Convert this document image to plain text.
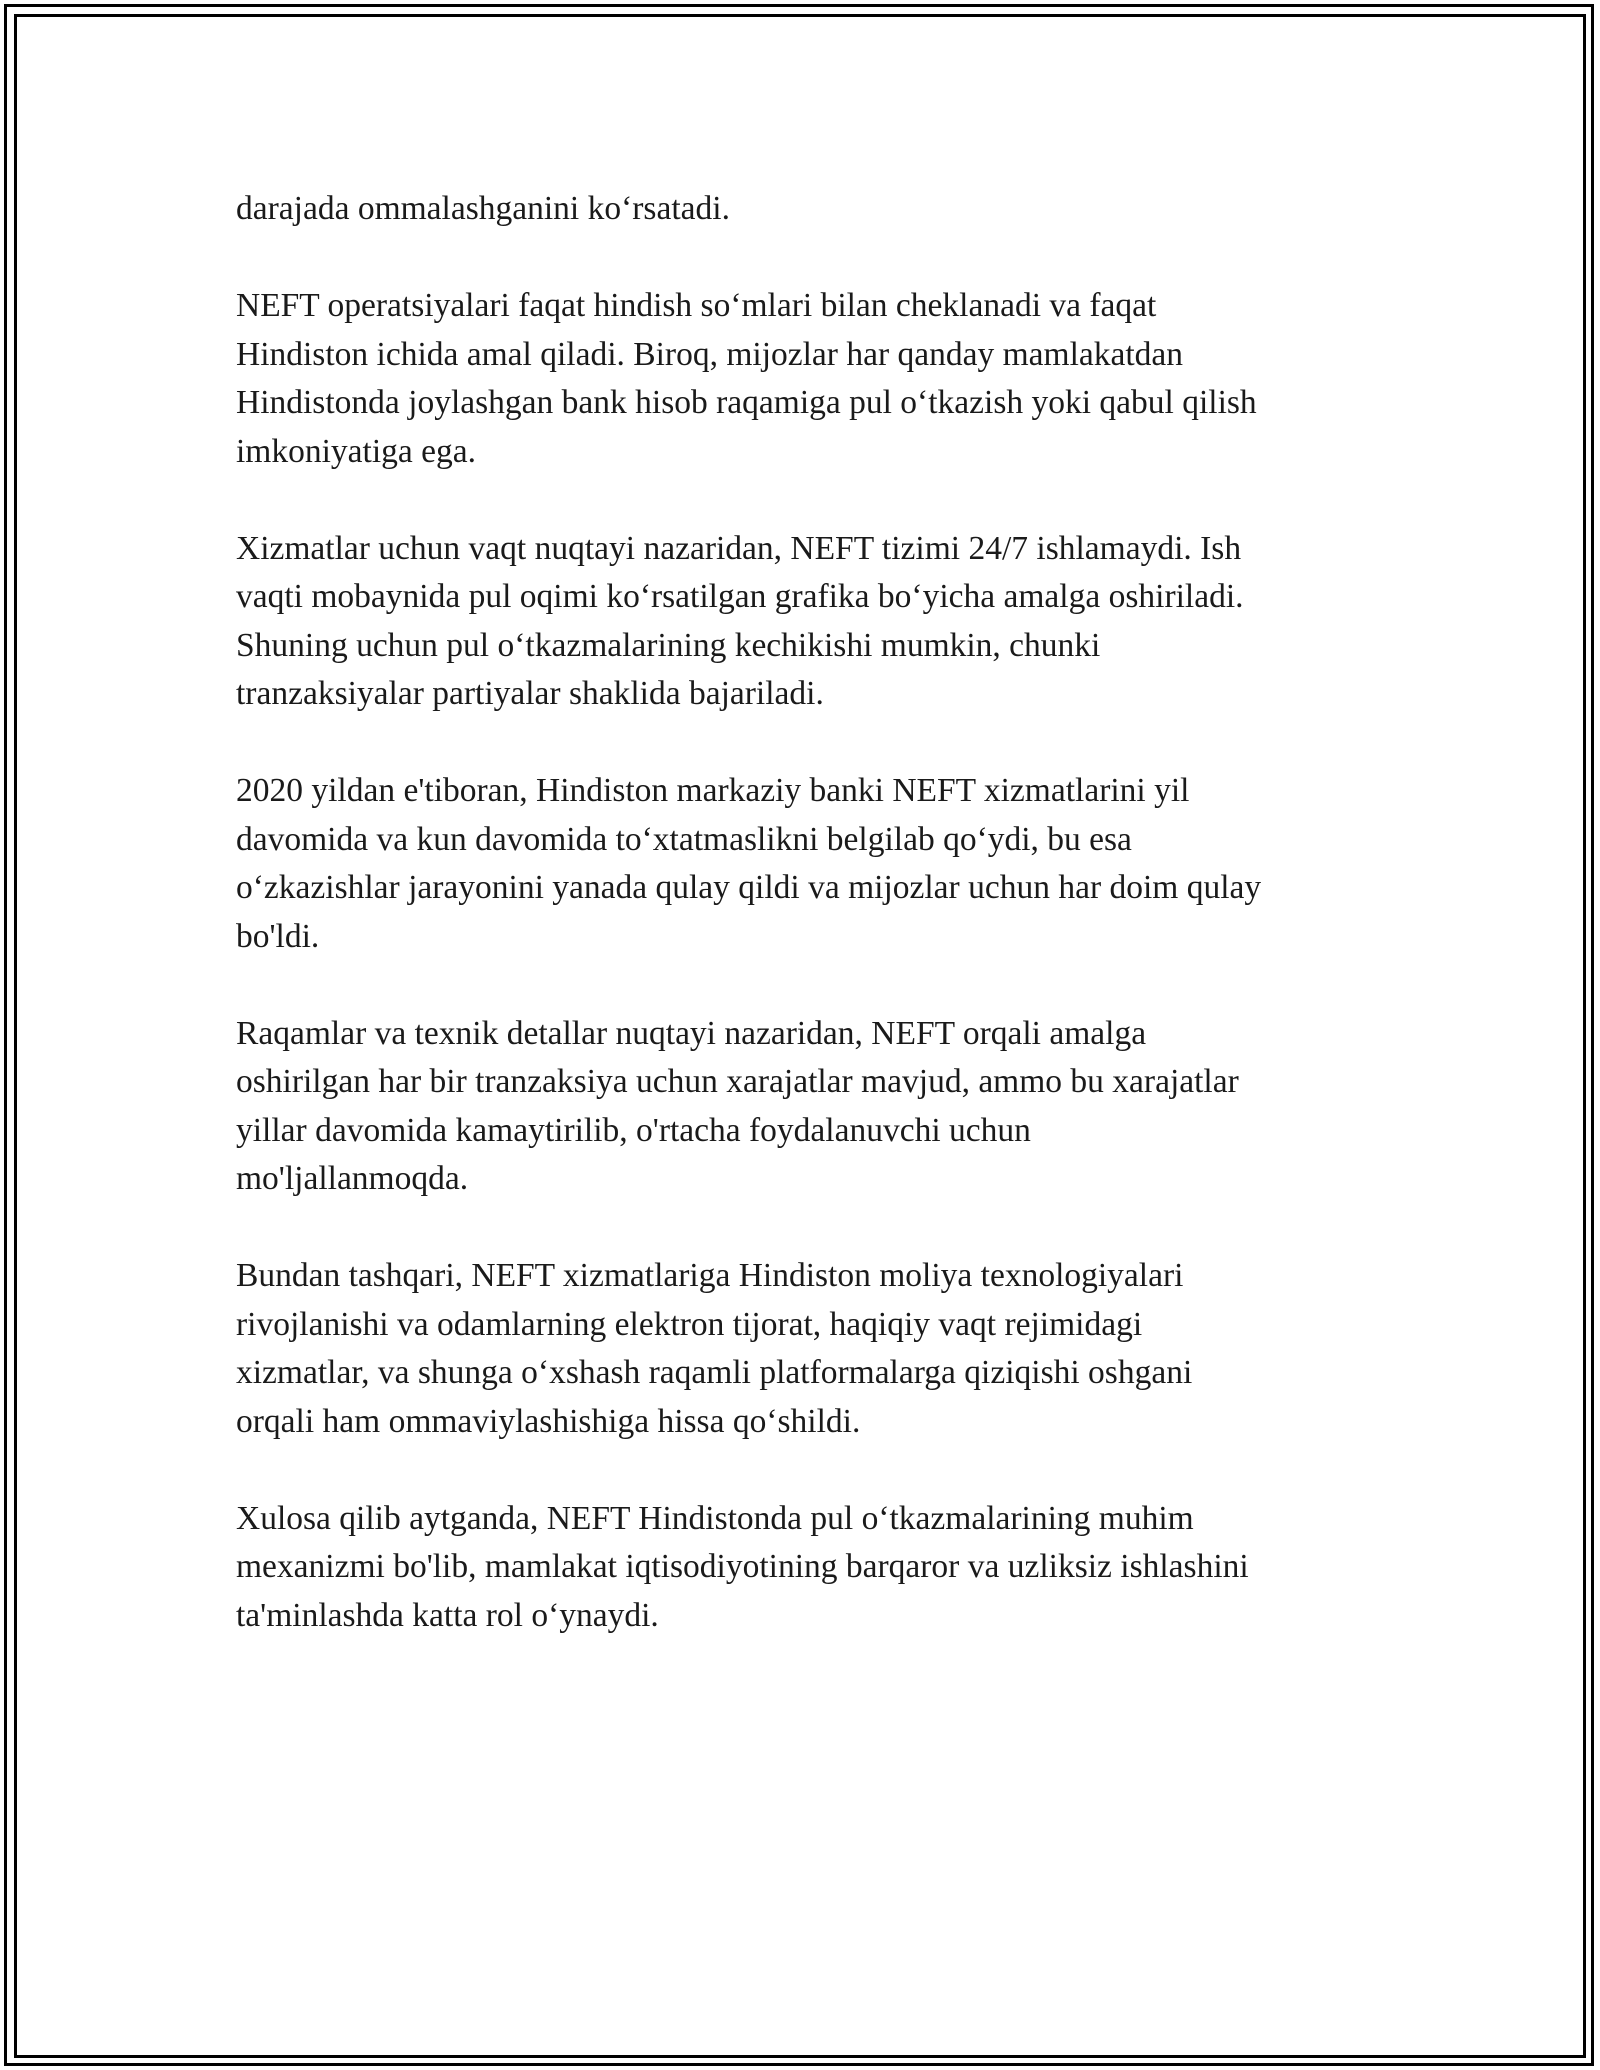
darajada ommalashganini ko‘rsatadi.

NEFT operatsiyalari faqat hindish so‘mlari bilan cheklanadi va faqat
Hindiston ichida amal qiladi. Biroq, mijozlar har qanday mamlakatdan
Hindistonda joylashgan bank hisob raqamiga pul o‘tkazish yoki qabul qilish
imkoniyatiga ega.

Xizmatlar uchun vaqt nuqtayi nazaridan, NEFT tizimi 24/7 ishlamaydi. Ish
vaqti mobaynida pul oqimi ko‘rsatilgan grafika bo‘yicha amalga oshiriladi.
Shuning uchun pul o‘tkazmalarining kechikishi mumkin, chunki
tranzaksiyalar partiyalar shaklida bajariladi.

2020 yildan e'tiboran, Hindiston markaziy banki NEFT xizmatlarini yil
davomida va kun davomida to‘xtatmaslikni belgilab qo‘ydi, bu esa
o‘zkazishlar jarayonini yanada qulay qildi va mijozlar uchun har doim qulay
bo'ldi.

Raqamlar va texnik detallar nuqtayi nazaridan, NEFT orqali amalga
oshirilgan har bir tranzaksiya uchun xarajatlar mavjud, ammo bu xarajatlar
yillar davomida kamaytirilib, o'rtacha foydalanuvchi uchun
mo'ljallanmoqda.

Bundan tashqari, NEFT xizmatlariga Hindiston moliya texnologiyalari
rivojlanishi va odamlarning elektron tijorat, haqiqiy vaqt rejimidagi
xizmatlar, va shunga o‘xshash raqamli platformalarga qiziqishi oshgani
orqali ham ommaviylashishiga hissa qo‘shildi.

Xulosa qilib aytganda, NEFT Hindistonda pul o‘tkazmalarining muhim
mexanizmi bo'lib, mamlakat iqtisodiyotining barqaror va uzliksiz ishlashini
ta'minlashda katta rol o‘ynaydi.
